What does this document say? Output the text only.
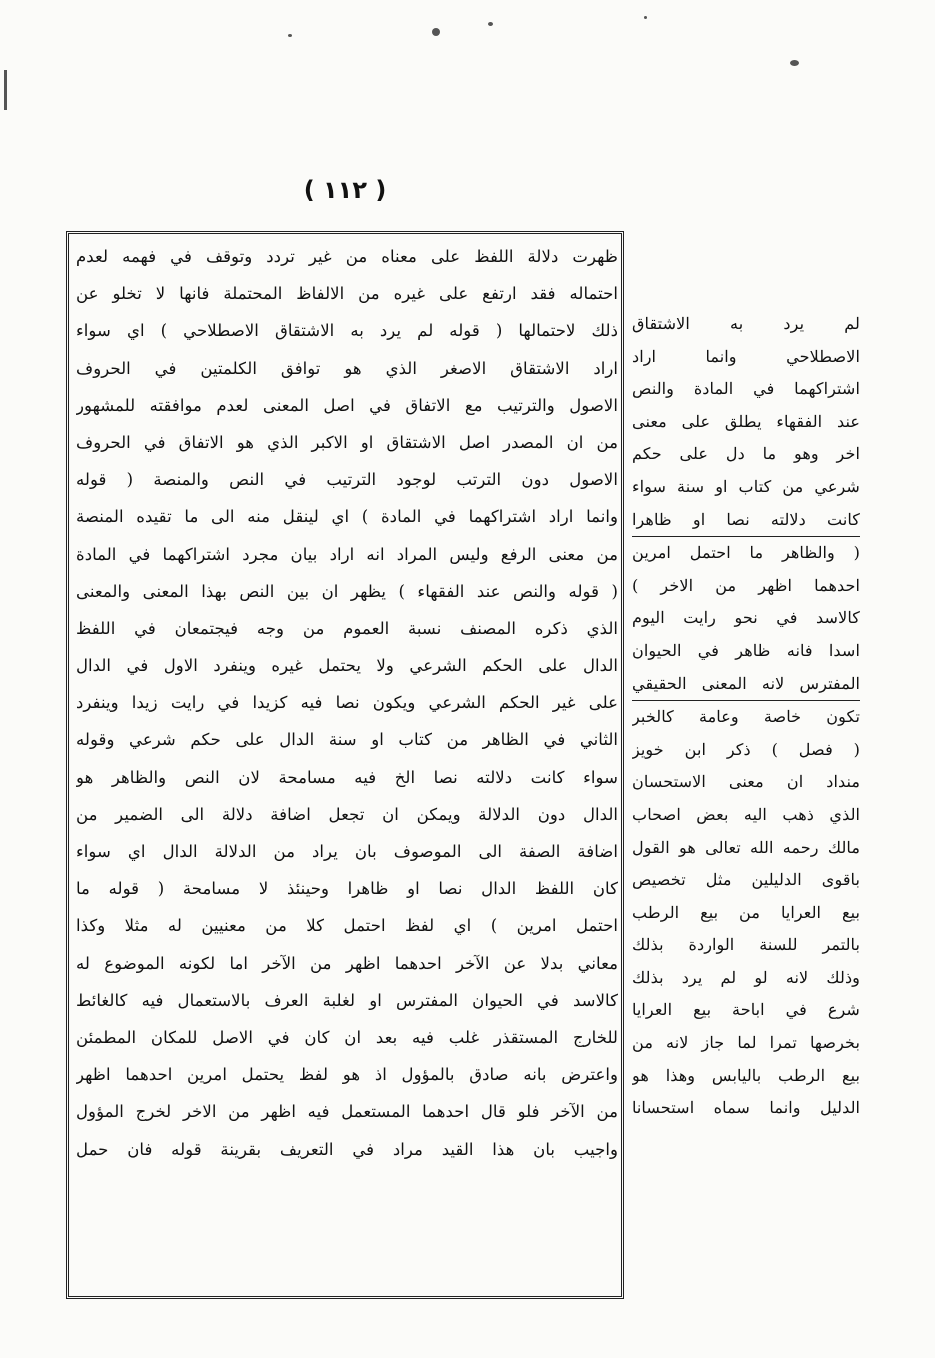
( ١١٢ )
ظهرت دلالة اللفظ على معناه من غير تردد وتوقف في فهمه لعدم
احتماله فقد ارتفع على غيره من الالفاظ المحتملة فانها لا تخلو عن
ذلك لاحتمالها ( قوله لم يرد به الاشتقاق الاصطلاحي ) اي سواء
اراد الاشتقاق الاصغر الذي هو توافق الكلمتين في الحروف
الاصول والترتيب مع الاتفاق في اصل المعنى لعدم موافقته للمشهور
من ان المصدر اصل الاشتقاق او الاكبر الذي هو الاتفاق في الحروف
الاصول دون الترتب لوجود الترتيب في النص والمنصة ( قوله
وانما اراد اشتراكهما في المادة ) اي لينقل منه الى ما تقيده المنصة
من معنى الرفع وليس المراد انه اراد بيان مجرد اشتراكهما في المادة
( قوله والنص عند الفقهاء ) يظهر ان بين النص بهذا المعنى والمعنى
الذي ذكره المصنف نسبة العموم من وجه فيجتمعان في اللفظ
الدال على الحكم الشرعي ولا يحتمل غيره وينفرد الاول في الدال
على غير الحكم الشرعي ويكون نصا فيه كزيدا في رايت زيدا وينفرد
الثاني في الظاهر من كتاب او سنة الدال على حكم شرعي وقوله
سواء كانت دلالته نصا الخ فيه مسامحة لان النص والظاهر هو
الدال دون الدلالة ويمكن ان تجعل اضافة دلالة الى الضمير من
اضافة الصفة الى الموصوف بان يراد من الدلالة الدال اي سواء
كان اللفظ الدال نصا او ظاهرا وحينئذ لا مسامحة ( قوله ما
احتمل امرين ) اي لفظ احتمل كلا من معنيين له مثلا وكذا
معاني بدلا عن الآخر احدهما اظهر من الآخر اما لكونه الموضوع له
كالاسد في الحيوان المفترس او لغلبة العرف بالاستعمال فيه كالغائط
للخارج المستقذر غلب فيه بعد ان كان في الاصل للمكان المطمئن
واعترض بانه صادق بالمؤول اذ هو لفظ يحتمل امرين احدهما اظهر
من الآخر فلو قال احدهما المستعمل فيه اظهر من الاخر لخرج المؤول
واجيب بان هذا القيد مراد في التعريف بقرينة قوله فان حمل
لم يرد به الاشتقاق
الاصطلاحي وانما اراد
اشتراكهما في المادة والنص
عند الفقهاء يطلق على معنى
اخر وهو ما دل على حكم
شرعي من كتاب او سنة سواء
كانت دلالته نصا او ظاهرا
( والظاهر ما احتمل امرين
احدهما اظهر من الاخر )
كالاسد في نحو رايت اليوم
اسدا فانه ظاهر في الحيوان
المفترس لانه المعنى الحقيقي
تكون خاصة وعامة كالخبر
( فصل ) ذكر ابن خويز
منداد ان معنى الاستحسان
الذي ذهب اليه بعض اصحاب
مالك رحمه الله تعالى هو القول
باقوى الدليلين مثل تخصيص
بيع العرايا من بيع الرطب
بالتمر للسنة الواردة بذلك
وذلك لانه لو لم يرد بذلك
شرع في اباحة بيع العرايا
بخرصها تمرا لما جاز لانه من
بيع الرطب باليابس وهذا هو
الدليل وانما سماه استحسانا
